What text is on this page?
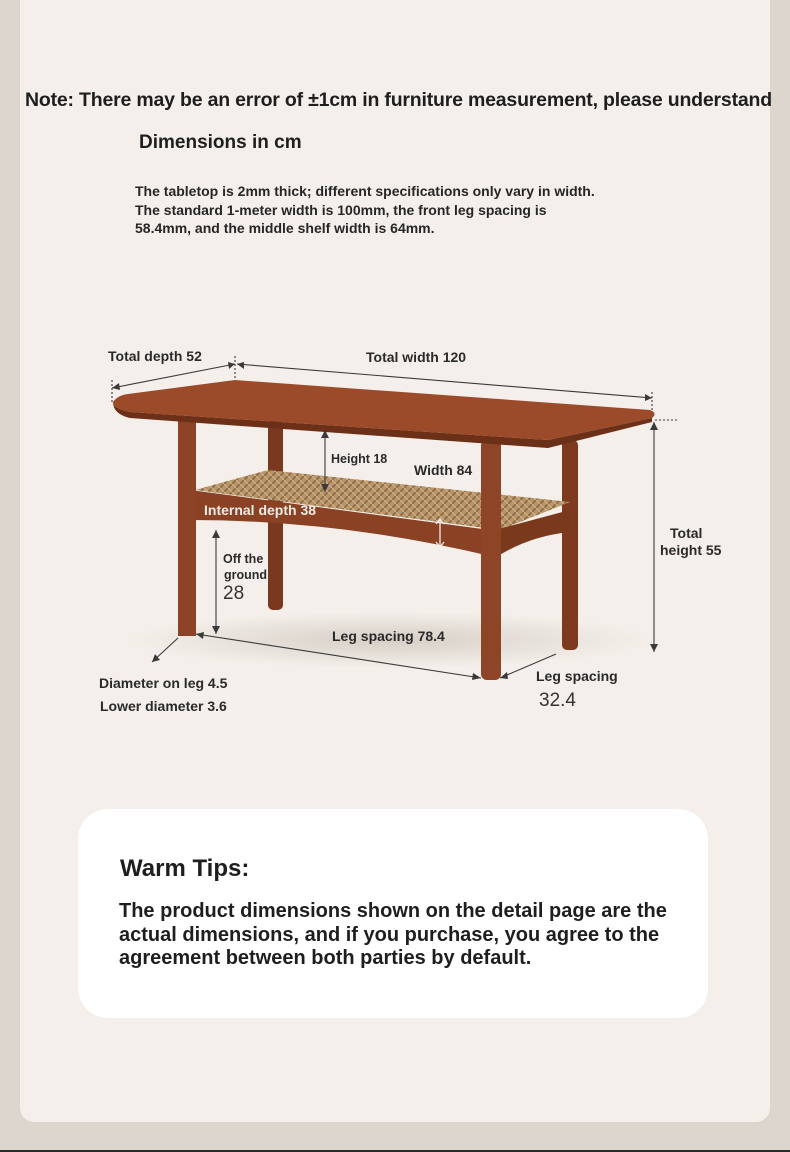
Note: There may be an error of ±1cm in furniture measurement, please understand
Dimensions in cm
The tabletop is 2mm thick; different specifications only vary in width. The standard 1-meter width is 100mm, the front leg spacing is 58.4mm, and the middle shelf width is 64mm.
Total depth 52	Total width 120
Height 18
Width 84
Internal depth 38
Total
height 55
Off the
ground
28
Leg spacing 78.4
Diameter on leg 4.5
Lower diameter 3.6
Leg spacing
32.4
Warm Tips:
The product dimensions shown on the detail page are the actual dimensions, and if you purchase, you agree to the agreement between both parties by default.
